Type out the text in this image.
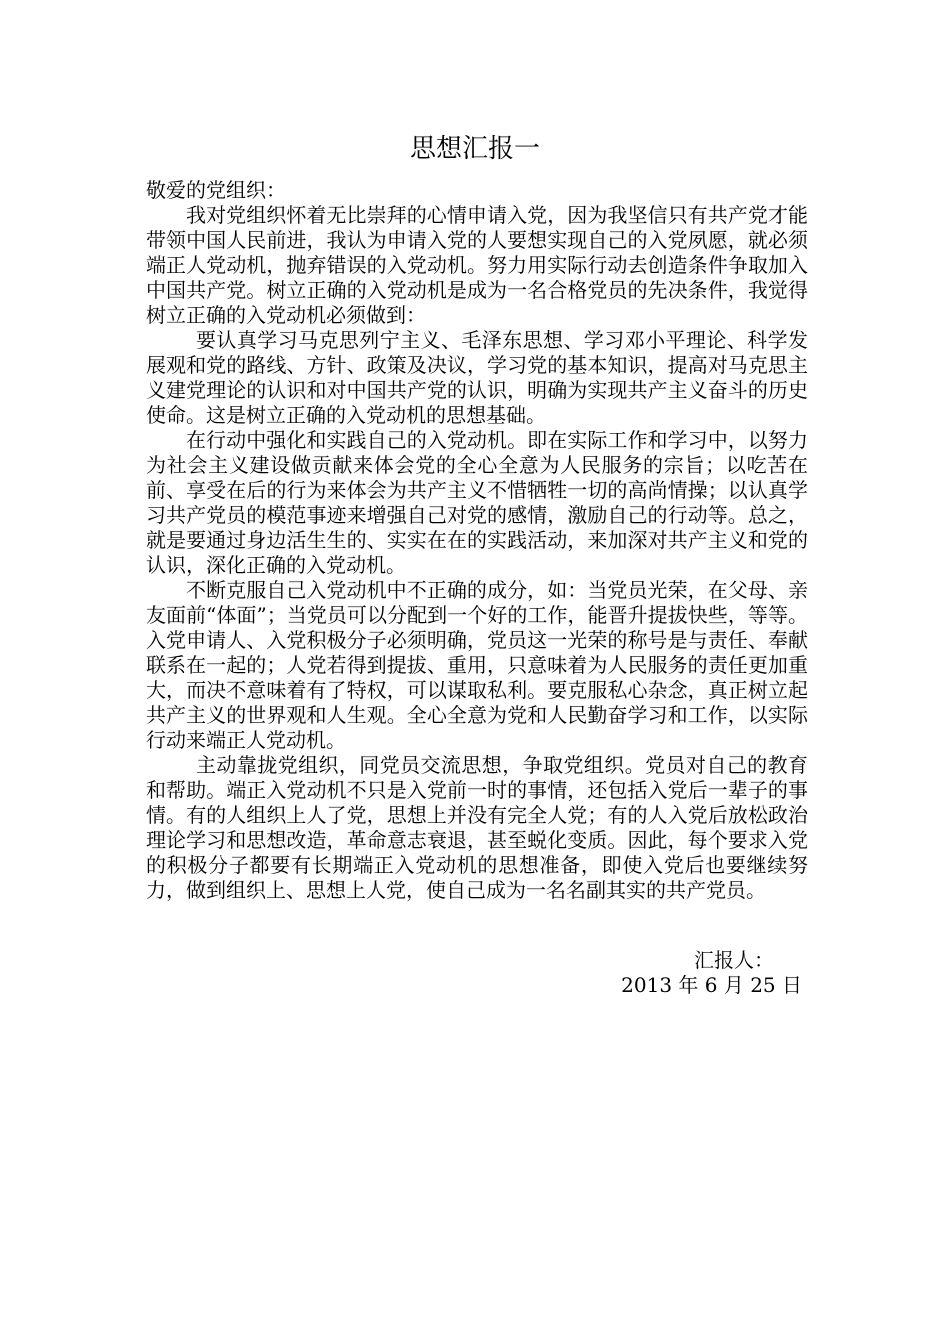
思想汇报一

敬爱的党组织：

我对党组织怀着无比崇拜的心情申请入党，因为我坚信只有共产党才能带领中国人民前进，我认为申请入党的人要想实现自己的入党夙愿，就必须端正人党动机，抛弃错误的入党动机。努力用实际行动去创造条件争取加入中国共产党。树立正确的入党动机是成为一名合格党员的先决条件，我觉得树立正确的入党动机必须做到：

要认真学习马克思列宁主义、毛泽东思想、学习邓小平理论、科学发展观和党的路线、方针、政策及决议，学习党的基本知识，提高对马克思主义建党理论的认识和对中国共产党的认识，明确为实现共产主义奋斗的历史使命。这是树立正确的入党动机的思想基础。

在行动中强化和实践自己的入党动机。即在实际工作和学习中，以努力为社会主义建设做贡献来体会党的全心全意为人民服务的宗旨；以吃苦在前、享受在后的行为来体会为共产主义不惜牺牲一切的高尚情操；以认真学习共产党员的模范事迹来增强自己对党的感情，激励自己的行动等。总之，就是要通过身边活生生的、实实在在的实践活动，来加深对共产主义和党的认识，深化正确的入党动机。

不断克服自己入党动机中不正确的成分，如：当党员光荣，在父母、亲友面前“体面”；当党员可以分配到一个好的工作，能晋升提拔快些，等等。入党申请人、入党积极分子必须明确，党员这一光荣的称号是与责任、奉献联系在一起的；人党若得到提拔、重用，只意味着为人民服务的责任更加重大，而决不意味着有了特权，可以谋取私利。要克服私心杂念，真正树立起共产主义的世界观和人生观。全心全意为党和人民勤奋学习和工作，以实际行动来端正人党动机。

主动靠拢党组织，同党员交流思想，争取党组织。党员对自己的教育和帮助。端正入党动机不只是入党前一时的事情，还包括入党后一辈子的事情。有的人组织上人了党，思想上并没有完全人党；有的人入党后放松政治理论学习和思想改造，革命意志衰退，甚至蜕化变质。因此，每个要求入党的积极分子都要有长期端正入党动机的思想准备，即使入党后也要继续努力，做到组织上、思想上人党，使自己成为一名名副其实的共产党员。

汇报人：
2013 年 6 月 25 日
